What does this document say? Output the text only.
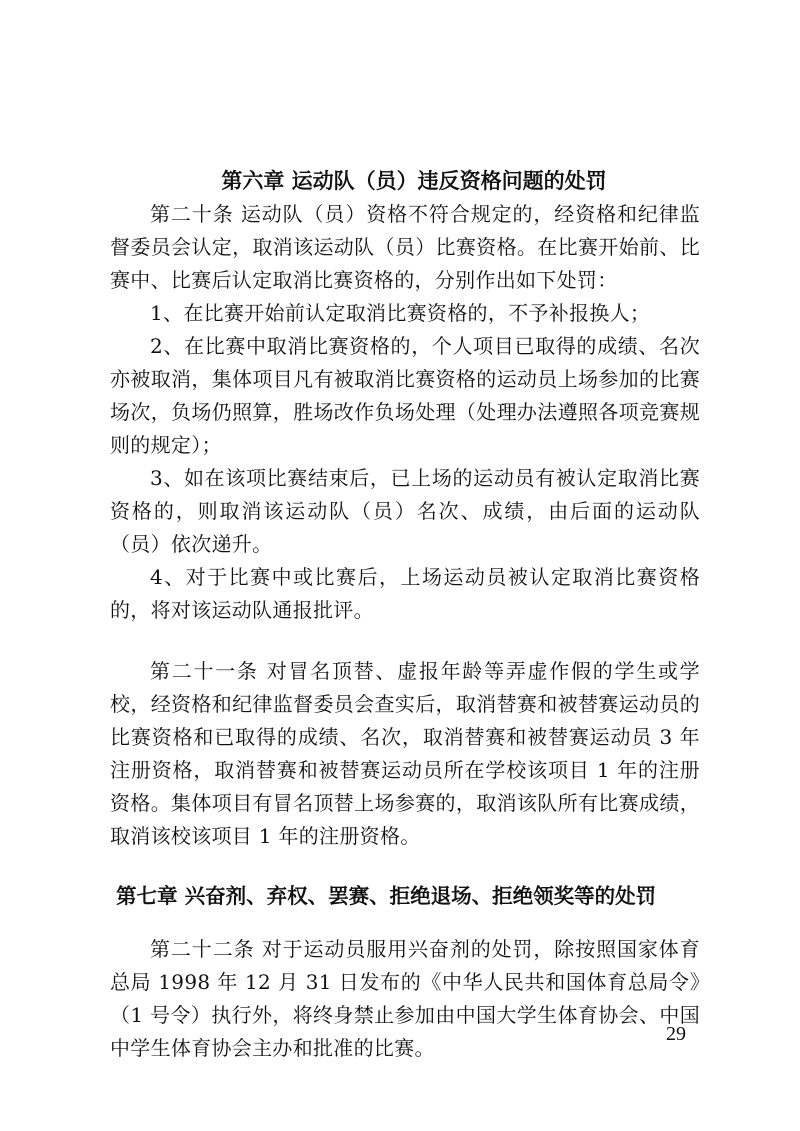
第六章 运动队（员）违反资格问题的处罚

第二十条 运动队（员）资格不符合规定的，经资格和纪律监督委员会认定，取消该运动队（员）比赛资格。在比赛开始前、比赛中、比赛后认定取消比赛资格的，分别作出如下处罚：

1、在比赛开始前认定取消比赛资格的，不予补报换人；

2、在比赛中取消比赛资格的，个人项目已取得的成绩、名次亦被取消，集体项目凡有被取消比赛资格的运动员上场参加的比赛场次，负场仍照算，胜场改作负场处理（处理办法遵照各项竞赛规则的规定）；

3、如在该项比赛结束后，已上场的运动员有被认定取消比赛资格的，则取消该运动队（员）名次、成绩，由后面的运动队（员）依次递升。

4、对于比赛中或比赛后，上场运动员被认定取消比赛资格的，将对该运动队通报批评。

第二十一条 对冒名顶替、虚报年龄等弄虚作假的学生或学校，经资格和纪律监督委员会查实后，取消替赛和被替赛运动员的比赛资格和已取得的成绩、名次，取消替赛和被替赛运动员 3 年注册资格，取消替赛和被替赛运动员所在学校该项目 1 年的注册资格。集体项目有冒名顶替上场参赛的，取消该队所有比赛成绩，取消该校该项目 1 年的注册资格。

第七章 兴奋剂、弃权、罢赛、拒绝退场、拒绝领奖等的处罚

第二十二条 对于运动员服用兴奋剂的处罚，除按照国家体育总局 1998 年 12 月 31 日发布的《中华人民共和国体育总局令》（1 号令）执行外，将终身禁止参加由中国大学生体育协会、中国中学生体育协会主办和批准的比赛。

29
